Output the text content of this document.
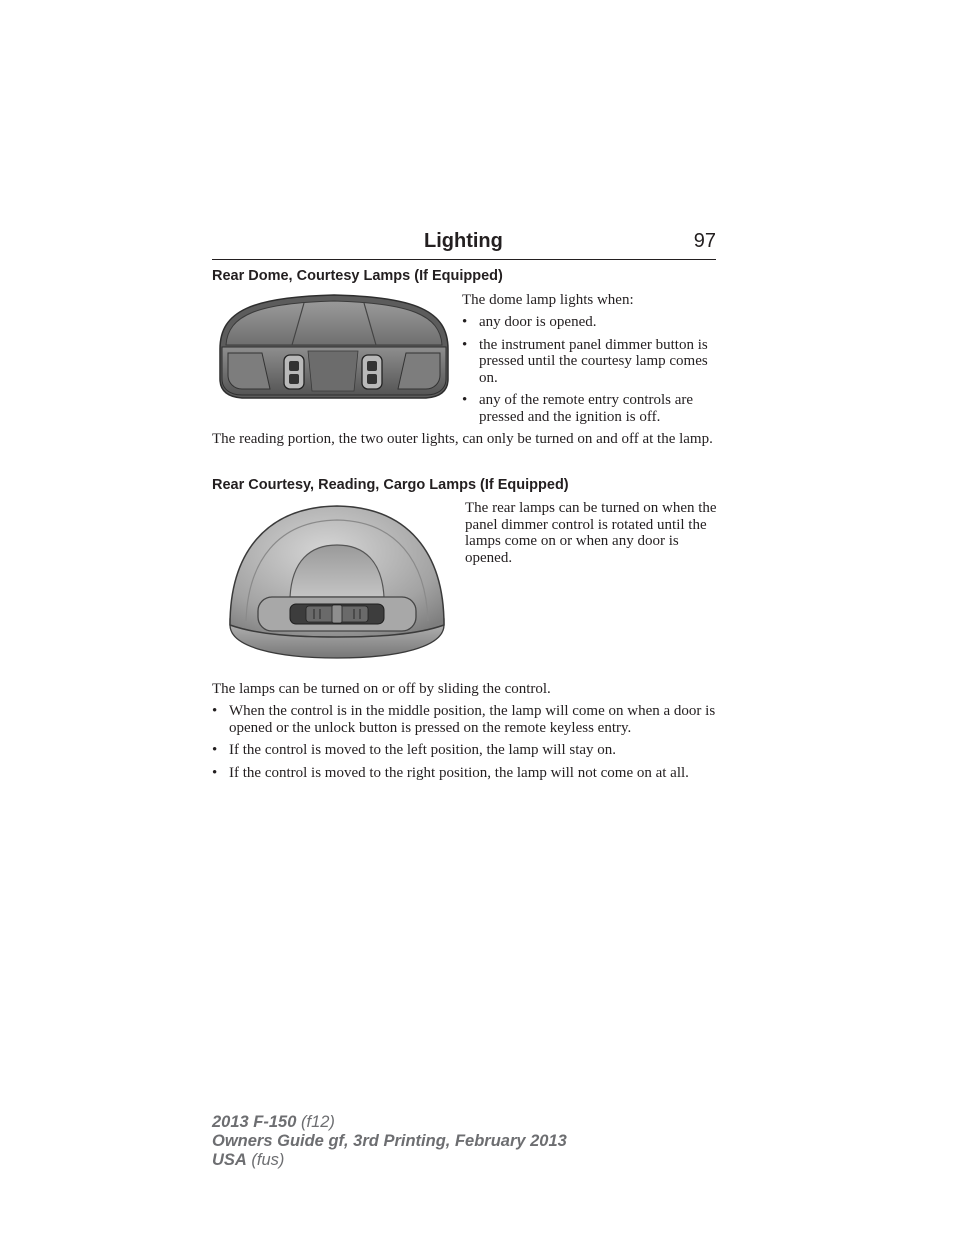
Lighting	97
Rear Dome, Courtesy Lamps (If Equipped)
The dome lamp lights when:
• any door is opened.
• the instrument panel dimmer button is pressed until the courtesy lamp comes on.
• any of the remote entry controls are pressed and the ignition is off.
The reading portion, the two outer lights, can only be turned on and off at the lamp.
Rear Courtesy, Reading, Cargo Lamps (If Equipped)
The rear lamps can be turned on when the panel dimmer control is rotated until the lamps come on or when any door is opened.
The lamps can be turned on or off by sliding the control.
• When the control is in the middle position, the lamp will come on when a door is opened or the unlock button is pressed on the remote keyless entry.
• If the control is moved to the left position, the lamp will stay on.
• If the control is moved to the right position, the lamp will not come on at all.
2013 F-150 (f12)
Owners Guide gf, 3rd Printing, February 2013
USA (fus)
